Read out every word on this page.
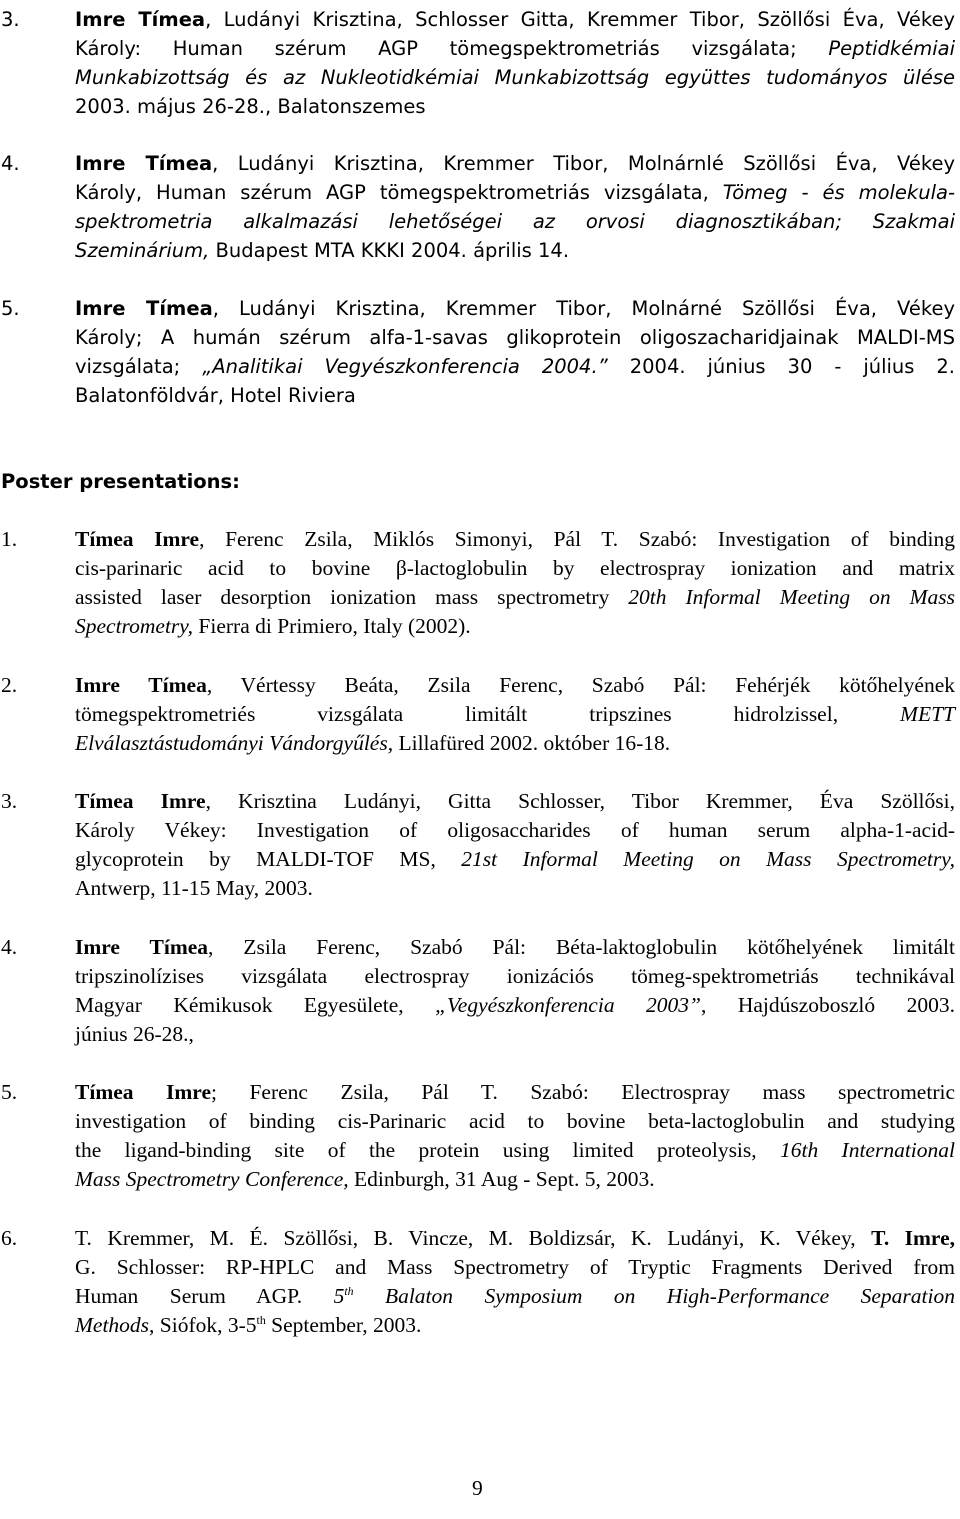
3.	Imre Tímea, Ludányi Krisztina, Schlosser Gitta, Kremmer Tibor, Szöllősi Éva, Vékey
Károly: Human szérum AGP tömegspektrometriás vizsgálata; Peptidkémiai
Munkabizottság és az Nukleotidkémiai Munkabizottság együttes tudományos ülése
2003. május 26-28., Balatonszemes
4.	Imre Tímea, Ludányi Krisztina, Kremmer Tibor, Molnárnlé Szöllősi Éva, Vékey
Károly, Human szérum AGP tömegspektrometriás vizsgálata, Tömeg - és molekula-
spektrometria alkalmazási lehetőségei az orvosi diagnosztikában; Szakmai
Szeminárium, Budapest MTA KKKI 2004. április 14.
5.	Imre Tímea, Ludányi Krisztina, Kremmer Tibor, Molnárné Szöllősi Éva, Vékey
Károly; A humán szérum alfa-1-savas glikoprotein oligoszacharidjainak MALDI-MS
vizsgálata; „Analitikai Vegyészkonferencia 2004.” 2004. június 30 - július 2.
Balatonföldvár, Hotel Riviera
Poster presentations:
1.	Tímea Imre, Ferenc Zsila, Miklós Simonyi, Pál T. Szabó: Investigation of binding
cis-parinaric acid to bovine β-lactoglobulin by electrospray ionization and matrix
assisted laser desorption ionization mass spectrometry 20th Informal Meeting on Mass
Spectrometry, Fierra di Primiero, Italy (2002).
2.	Imre Tímea, Vértessy Beáta, Zsila Ferenc, Szabó Pál: Fehérjék kötőhelyének
tömegspektrometriés vizsgálata limitált tripszines hidrolzissel, METT
Elválasztástudományi Vándorgyűlés, Lillafüred 2002. október 16-18.
3.	Tímea Imre, Krisztina Ludányi, Gitta Schlosser, Tibor Kremmer, Éva Szöllősi,
Károly Vékey: Investigation of oligosaccharides of human serum alpha-1-acid-
glycoprotein by MALDI-TOF MS, 21st Informal Meeting on Mass Spectrometry,
Antwerp, 11-15 May, 2003.
4.	Imre Tímea, Zsila Ferenc, Szabó Pál: Béta-laktoglobulin kötőhelyének limitált
tripszinolízises vizsgálata electrospray ionizációs tömeg-spektrometriás technikával
Magyar Kémikusok Egyesülete, „Vegyészkonferencia 2003”, Hajdúszoboszló 2003.
június 26-28.,
5.	Tímea Imre; Ferenc Zsila, Pál T. Szabó: Electrospray mass spectrometric
investigation of binding cis-Parinaric acid to bovine beta-lactoglobulin and studying
the ligand-binding site of the protein using limited proteolysis, 16th International
Mass Spectrometry Conference, Edinburgh, 31 Aug - Sept. 5, 2003.
6.	T. Kremmer, M. É. Szöllősi, B. Vincze, M. Boldizsár, K. Ludányi, K. Vékey, T. Imre,
G. Schlosser: RP-HPLC and Mass Spectrometry of Tryptic Fragments Derived from
Human Serum AGP. 5th Balaton Symposium on High-Performance Separation
Methods, Siófok, 3-5th September, 2003.
9
